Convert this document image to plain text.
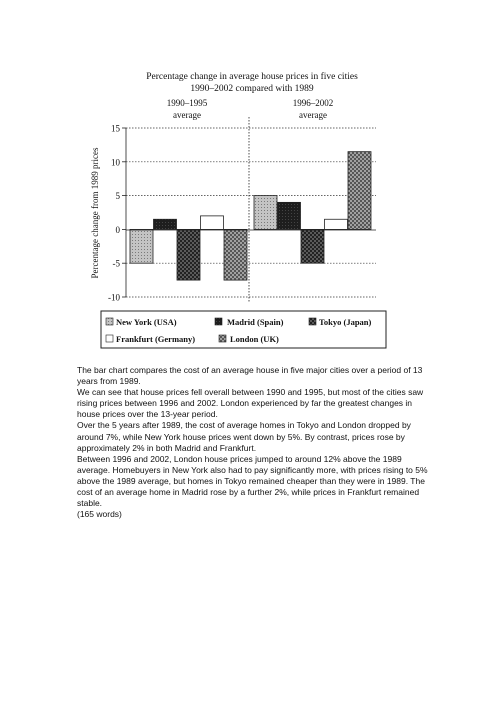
Percentage change in average house prices in five cities
1990–2002 compared with 1989
1990–1995
average
1996–2002
average
Percentage change from 1989 prices
15
10
5
0
-5
-10
New York (USA)	Madrid (Spain)	Tokyo (Japan)
Frankfurt (Germany)	London (UK)

The bar chart compares the cost of an average house in five major cities over a period of 13 years from 1989.

We can see that house prices fell overall between 1990 and 1995, but most of the cities saw rising prices between 1996 and 2002. London experienced by far the greatest changes in house prices over the 13-year period.

Over the 5 years after 1989, the cost of average homes in Tokyo and London dropped by around 7%, while New York house prices went down by 5%. By contrast, prices rose by approximately 2% in both Madrid and Frankfurt.

Between 1996 and 2002, London house prices jumped to around 12% above the 1989 average. Homebuyers in New York also had to pay significantly more, with prices rising to 5% above the 1989 average, but homes in Tokyo remained cheaper than they were in 1989. The cost of an average home in Madrid rose by a further 2%, while prices in Frankfurt remained stable.

(165 words)
